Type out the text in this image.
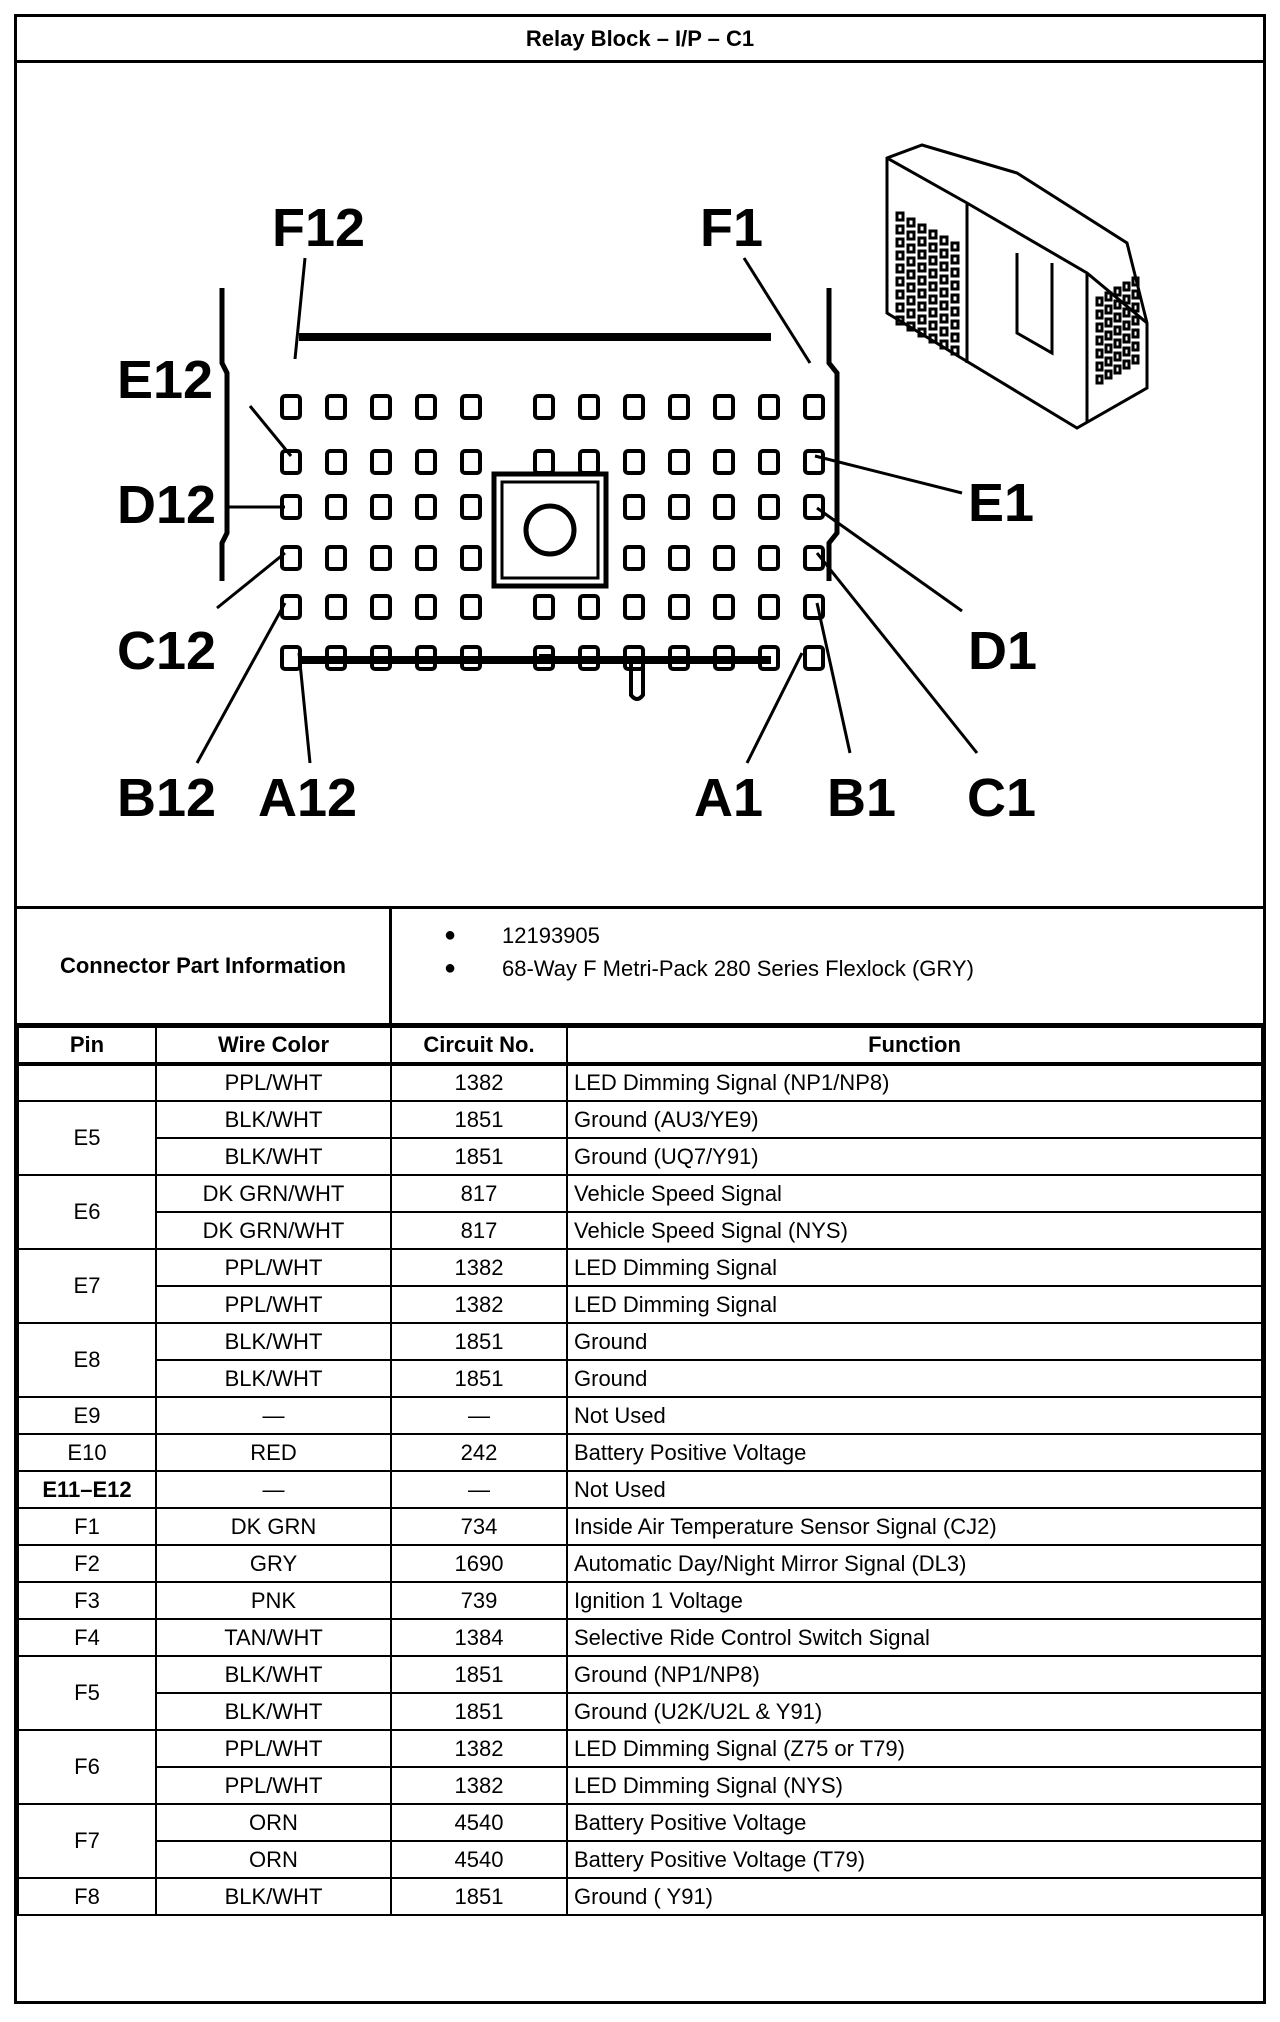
Relay Block – I/P – C1
F12	F1
E12
E1
D12
D1
C12
C1
B12	B1
A12	A1
Connector Part Information
●	12193905
●	68-Way F Metri-Pack 280 Series Flexlock (GRY)
Pin	Wire Color	Circuit No.	Function
	PPL/WHT	1382	LED Dimming Signal (NP1/NP8)
E5	BLK/WHT	1851	Ground (AU3/YE9)
	BLK/WHT	1851	Ground (UQ7/Y91)
E6	DK GRN/WHT	817	Vehicle Speed Signal
	DK GRN/WHT	817	Vehicle Speed Signal (NYS)
E7	PPL/WHT	1382	LED Dimming Signal
	PPL/WHT	1382	LED Dimming Signal
E8	BLK/WHT	1851	Ground
	BLK/WHT	1851	Ground
E9	—	—	Not Used
E10	RED	242	Battery Positive Voltage
E11–E12	—	—	Not Used
F1	DK GRN	734	Inside Air Temperature Sensor Signal (CJ2)
F2	GRY	1690	Automatic Day/Night Mirror Signal (DL3)
F3	PNK	739	Ignition 1 Voltage
F4	TAN/WHT	1384	Selective Ride Control Switch Signal
F5	BLK/WHT	1851	Ground (NP1/NP8)
	BLK/WHT	1851	Ground (U2K/U2L & Y91)
F6	PPL/WHT	1382	LED Dimming Signal (Z75 or T79)
	PPL/WHT	1382	LED Dimming Signal (NYS)
F7	ORN	4540	Battery Positive Voltage
	ORN	4540	Battery Positive Voltage (T79)
F8	BLK/WHT	1851	Ground ( Y91)
